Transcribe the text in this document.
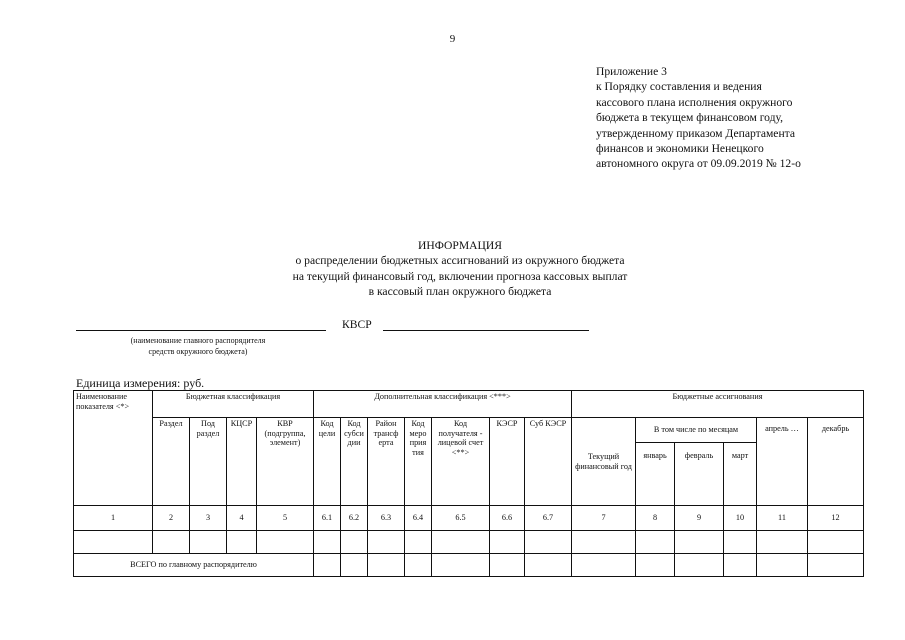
9
Приложение 3
к Порядку составления и ведения
кассового плана исполнения окружного
бюджета в текущем финансовом году,
утвержденному приказом Департамента
финансов и экономики Ненецкого
автономного округа от 09.09.2019 № 12-о
ИНФОРМАЦИЯ
о распределении бюджетных ассигнований из окружного бюджета
на текущий финансовый год, включении прогноза кассовых выплат
в кассовый план окружного бюджета
КВСР
(наименование главного распорядителя
средств окружного бюджета)
Единица измерения: руб.
Наименование показателя <*>	Бюджетная классификация				Дополнительная классификация <***>							Бюджетные ассигнования					
	Раздел	Под раздел	КЦСР	КВР (подгруппа, элемент)	Код цели	Код субси дии	Район трансф ерта	Код меро прия тия	Код получателя - лицевой счет <**>	КЭСР	Суб КЭСР	Текущий финансовый год	В том числе по месяцам			апрель …	декабрь
													январь	февраль	март		
1	2	3	4	5	6.1	6.2	6.3	6.4	6.5	6.6	6.7	7	8	9	10	11	12

ВСЕГО по главному распорядителю																	
